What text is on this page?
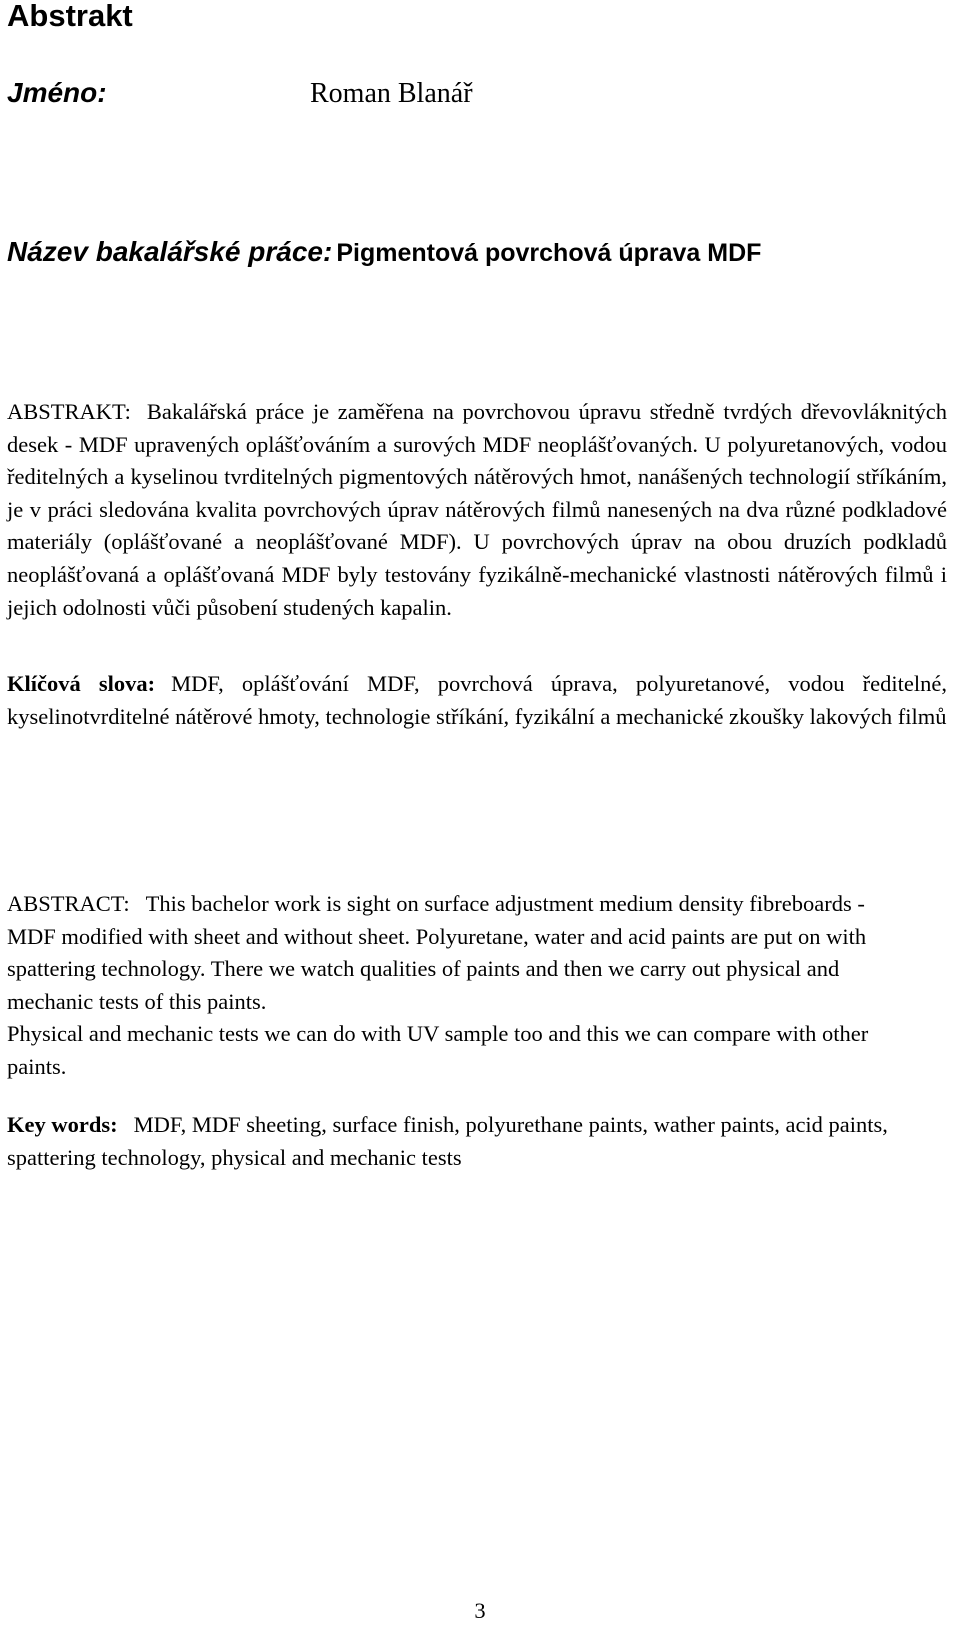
Abstrakt
Jméno:	Roman Blanář
Název bakalářské práce: Pigmentová povrchová úprava MDF

ABSTRAKT: Bakalářská práce je zaměřena na povrchovou úpravu středně tvrdých dřevovláknitých desek - MDF upravených oplášťováním a surových MDF neoplášťovaných. U polyuretanových, vodou ředitelných a kyselinou tvrditelných pigmentových nátěrových hmot, nanášených technologií stříkáním, je v práci sledována kvalita povrchových úprav nátěrových filmů nanesených na dva různé podkladové materiály (oplášťované a neoplášťované MDF). U povrchových úprav na obou druzích podkladů neoplášťovaná a oplášťovaná MDF byly testovány fyzikálně-mechanické vlastnosti nátěrových filmů i jejich odolnosti vůči působení studených kapalin.

Klíčová slova: MDF, oplášťování MDF, povrchová úprava, polyuretanové, vodou ředitelné, kyselinotvrditelné nátěrové hmoty, technologie stříkání, fyzikální a mechanické zkoušky lakových filmů

ABSTRACT: This bachelor work is sight on surface adjustment medium density fibreboards - MDF modified with sheet and without sheet. Polyuretane, water and acid paints are put on with spattering technology. There we watch qualities of paints and then we carry out physical and mechanic tests of this paints.

Physical and mechanic tests we can do with UV sample too and this we can compare with other paints.

Key words: MDF, MDF sheeting, surface finish, polyurethane paints, wather paints, acid paints, spattering technology, physical and mechanic tests

3
